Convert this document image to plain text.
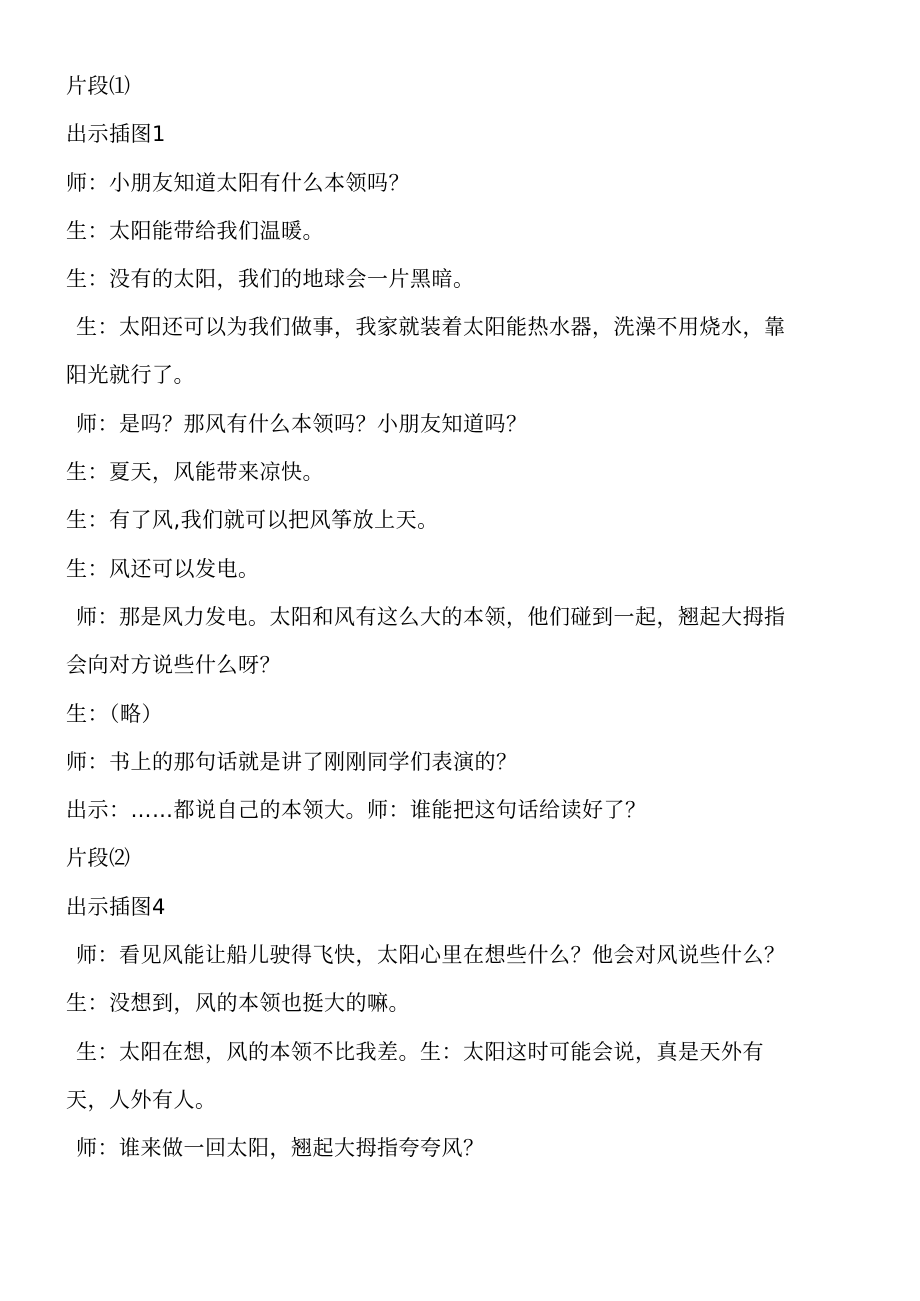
片段⑴
出示插图1
师：小朋友知道太阳有什么本领吗？
生：太阳能带给我们温暖。
生：没有的太阳，我们的地球会一片黑暗。
生：太阳还可以为我们做事，我家就装着太阳能热水器，洗澡不用烧水，靠
阳光就行了。
师：是吗？那风有什么本领吗？小朋友知道吗？
生：夏天，风能带来凉快。
生：有了风,我们就可以把风筝放上天。
生：风还可以发电。
师：那是风力发电。太阳和风有这么大的本领，他们碰到一起，翘起大拇指
会向对方说些什么呀？
生：（略）
师：书上的那句话就是讲了刚刚同学们表演的？
出示：……都说自己的本领大。师：谁能把这句话给读好了？
片段⑵
出示插图4
师：看见风能让船儿驶得飞快，太阳心里在想些什么？他会对风说些什么？
生：没想到，风的本领也挺大的嘛。
生：太阳在想，风的本领不比我差。生：太阳这时可能会说，真是天外有
天，人外有人。
师：谁来做一回太阳，翘起大拇指夸夸风？
